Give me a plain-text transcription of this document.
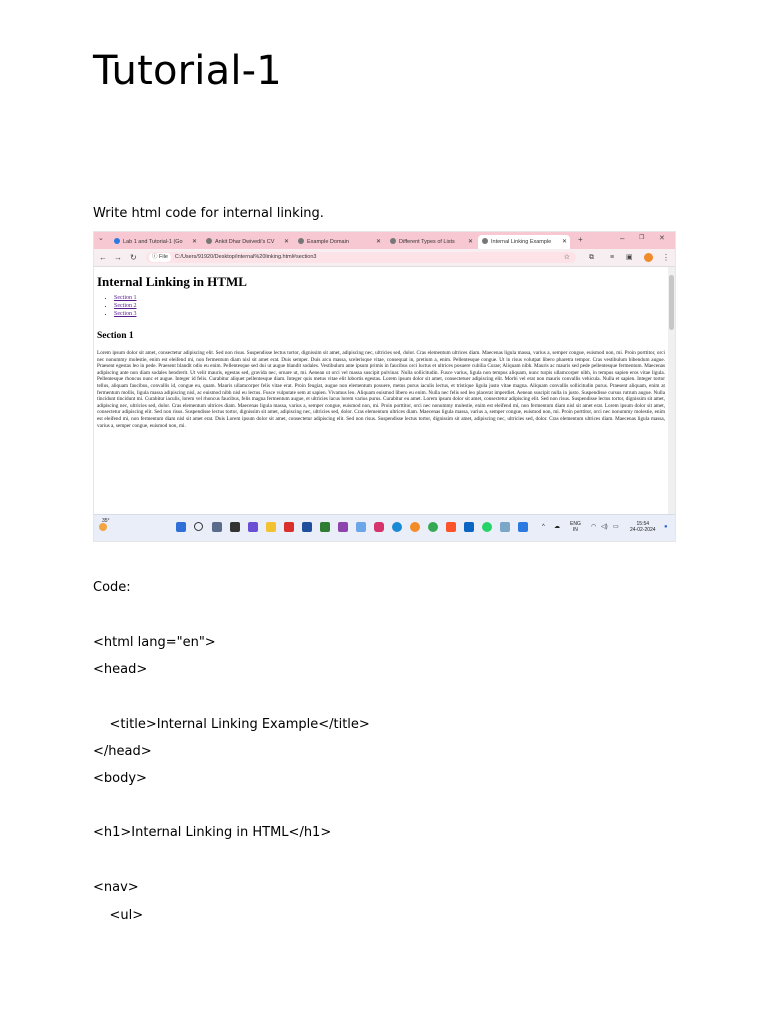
Tutorial-1
Write html code for internal linking.
⌄	Lab 1 and Tutorial-1 (Go ✕	Ankit Dhar Dwivedi's CV ✕	Example Domain	✕	Different Types of Lists ✕	Internal Linking Example ✕ +	– ❐ ✕
← → ↻	ⓘ File C:/Users/91920/Desktop/internal%20linking.html#section3	☆	⧉ ≡ ▣	⋮
Internal Linking in HTML
• Section 1
• Section 2
• Section 3
Section 1
Lorem ipsum dolor sit amet, consectetur adipiscing elit. Sed non risus. Suspendisse lectus tortor, dignissim sit amet, adipiscing nec, ultricies sed, dolor. Cras elementum ultrices diam. Maecenas ligula massa, varius a, semper congue, euismod non, mi. Proin porttitor, orci nec nonummy molestie, enim est eleifend mi, non fermentum diam nisl sit amet erat. Duis semper. Duis arcu massa, scelerisque vitae, consequat in, pretium a, enim. Pellentesque congue. Ut in risus volutpat libero pharetra tempor. Cras vestibulum bibendum augue. Praesent egestas leo in pede. Praesent blandit odio eu enim. Pellentesque sed dui ut augue blandit sodales. Vestibulum ante ipsum primis in faucibus orci luctus et ultrices posuere cubilia Curae; Aliquam nibh. Mauris ac mauris sed pede pellentesque fermentum. Maecenas adipiscing ante non diam sodales hendrerit. Ut velit mauris, egestas sed, gravida nec, ornare ut, mi. Aenean ut orci vel massa suscipit pulvinar. Nulla sollicitudin. Fusce varius, ligula non tempus aliquam, nunc turpis ullamcorper nibh, in tempus sapien eros vitae ligula. Pellentesque rhoncus nunc et augue. Integer id felis. Curabitur aliquet pellentesque diam. Integer quis metus vitae elit lobortis egestas. Lorem ipsum dolor sit amet, consectetuer adipiscing elit. Morbi vel erat non mauris convallis vehicula. Nulla et sapien. Integer tortor tellus, aliquam faucibus, convallis id, congue eu, quam. Mauris ullamcorper felis vitae erat. Proin feugiat, augue non elementum posuere, metus purus iaculis lectus, et tristique ligula justo vitae magna. Aliquam convallis sollicitudin purus. Praesent aliquam, enim at fermentum mollis, ligula massa adipiscing nisl, ac euismod nibh nisl eu lectus. Fusce vulputate sem at sapien. Vivamus leo. Aliquam euismod libero eu enim. Nulla nec felis sed leo placerat imperdiet. Aenean suscipit nulla in justo. Suspendisse cursus rutrum augue. Nulla tincidunt tincidunt mi. Curabitur iaculis, lorem vel rhoncus faucibus, felis magna fermentum augue, et ultricies lacus lorem varius purus. Curabitur eu amet. Lorem ipsum dolor sit amet, consectetur adipiscing elit. Sed non risus. Suspendisse lectus tortor, dignissim sit amet, adipiscing nec, ultricies sed, dolor. Cras elementum ultrices diam. Maecenas ligula massa, varius a, semper congue, euismod non, mi. Proin porttitor, orci nec nonummy molestie, enim est eleifend mi, non fermentum diam nisl sit amet erat. Lorem ipsum dolor sit amet, consectetur adipiscing elit. Sed non risus. Suspendisse lectus tortor, dignissim sit amet, adipiscing nec, ultricies sed, dolor. Cras elementum ultrices diam. Maecenas ligula massa, varius a, semper congue, euismod non, mi. Proin porttitor, orci nec nonummy molestie, enim est eleifend mi, non fermentum diam nisl sit amet erat. Duis Lorem ipsum dolor sit amet, consectetur adipiscing elit. Sed non risus. Suspendisse lectus tortor, dignissim sit amet, adipiscing nec, ultricies sed, dolor. Cras elementum ultrices diam. Maecenas ligula massa, varius a, semper congue, euismod non, mi.
35°
^ ☁ ENG
IN	◠ ◁) ▭	15:54
24-02-2024 ●
Code:
<html lang="en">
<head>
<title>Internal Linking Example</title>
</head>
<body>
<h1>Internal Linking in HTML</h1>
<nav>
<ul>
